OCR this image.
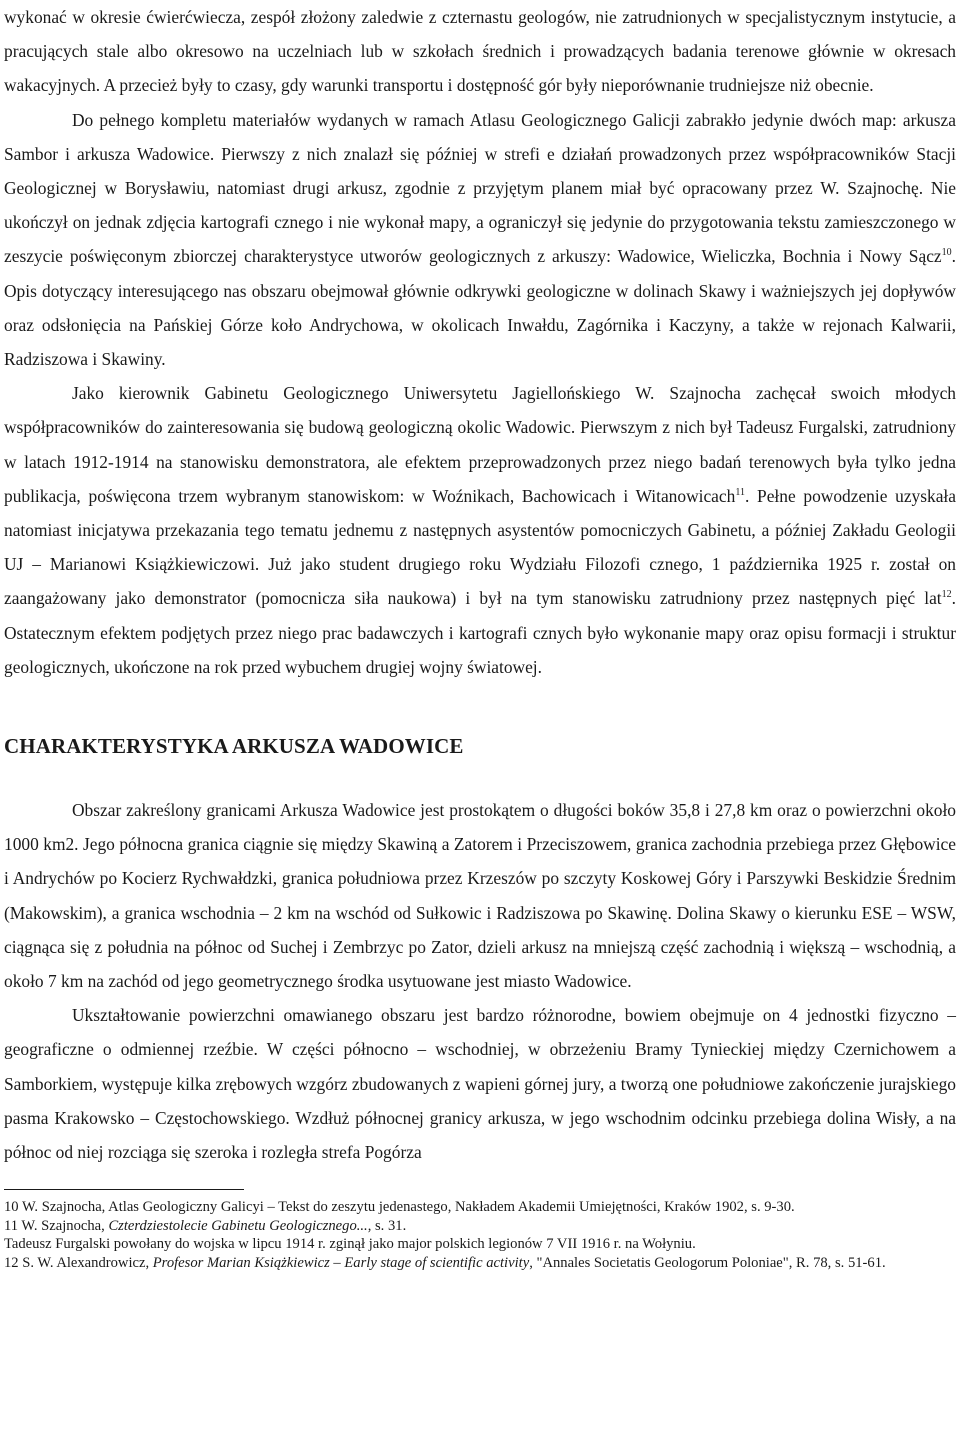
wykonać w okresie ćwierćwiecza, zespół złożony zaledwie z czternastu geologów, nie zatrudnionych w specjalistycznym instytucie, a pracujących stale albo okresowo na uczelniach lub w szkołach średnich i prowadzących badania terenowe głównie w okresach wakacyjnych. A przecież były to czasy, gdy warunki transportu i dostępność gór były nieporównanie trudniejsze niż obecnie.

Do pełnego kompletu materiałów wydanych w ramach Atlasu Geologicznego Galicji zabrakło jedynie dwóch map: arkusza Sambor i arkusza Wadowice. Pierwszy z nich znalazł się później w strefi e działań prowadzonych przez współpracowników Stacji Geologicznej w Borysławiu, natomiast drugi arkusz, zgodnie z przyjętym planem miał być opracowany przez W. Szajnochę. Nie ukończył on jednak zdjęcia kartografi cznego i nie wykonał mapy, a ograniczył się jedynie do przygotowania tekstu zamieszczonego w zeszycie poświęconym zbiorczej charakterystyce utworów geologicznych z arkuszy: Wadowice, Wieliczka, Bochnia i Nowy Sącz$^{10}$. Opis dotyczący interesującego nas obszaru obejmował głównie odkrywki geologiczne w dolinach Skawy i ważniejszych jej dopływów oraz odsłonięcia na Pańskiej Górze koło Andrychowa, w okolicach Inwałdu, Zagórnika i Kaczyny, a także w rejonach Kalwarii, Radziszowa i Skawiny.

Jako kierownik Gabinetu Geologicznego Uniwersytetu Jagiellońskiego W. Szajnocha zachęcał swoich młodych współpracowników do zainteresowania się budową geologiczną okolic Wadowic. Pierwszym z nich był Tadeusz Furgalski, zatrudniony w latach 1912-1914 na stanowisku demonstratora, ale efektem przeprowadzonych przez niego badań terenowych była tylko jedna publikacja, poświęcona trzem wybranym stanowiskom: w Woźnikach, Bachowicach i Witanowicach$^{11}$. Pełne powodzenie uzyskała natomiast inicjatywa przekazania tego tematu jednemu z następnych asystentów pomocniczych Gabinetu, a później Zakładu Geologii UJ – Marianowi Książkiewiczowi. Już jako student drugiego roku Wydziału Filozofi cznego, 1 października 1925 r. został on zaangażowany jako demonstrator (pomocnicza siła naukowa) i był na tym stanowisku zatrudniony przez następnych pięć lat$^{12}$. Ostatecznym efektem podjętych przez niego prac badawczych i kartografi cznych było wykonanie mapy oraz opisu formacji i struktur geologicznych, ukończone na rok przed wybuchem drugiej wojny światowej.

CHARAKTERYSTYKA ARKUSZA WADOWICE

Obszar zakreślony granicami Arkusza Wadowice jest prostokątem o długości boków 35,8 i 27,8 km oraz o powierzchni około 1000 km2. Jego północna granica ciągnie się między Skawiną a Zatorem i Przeciszowem, granica zachodnia przebiega przez Głębowice i Andrychów po Kocierz Rychwałdzki, granica południowa przez Krzeszów po szczyty Koskowej Góry i Parszywki Beskidzie Średnim (Makowskim), a granica wschodnia – 2 km na wschód od Sułkowic i Radziszowa po Skawinę. Dolina Skawy o kierunku ESE – WSW, ciągnąca się z południa na północ od Suchej i Zembrzyc po Zator, dzieli arkusz na mniejszą część zachodnią i większą – wschodnią, a około 7 km na zachód od jego geometrycznego środka usytuowane jest miasto Wadowice.

Ukształtowanie powierzchni omawianego obszaru jest bardzo różnorodne, bowiem obejmuje on 4 jednostki fizyczno – geograficzne o odmiennej rzeźbie. W części północno – wschodniej, w obrzeżeniu Bramy Tynieckiej między Czernichowem a Samborkiem, występuje kilka zrębowych wzgórz zbudowanych z wapieni górnej jury, a tworzą one południowe zakończenie jurajskiego pasma Krakowsko – Częstochowskiego. Wzdłuż północnej granicy arkusza, w jego wschodnim odcinku przebiega dolina Wisły, a na północ od niej rozciąga się szeroka i rozległa strefa Pogórza

10 W. Szajnocha, Atlas Geologiczny Galicyi – Tekst do zeszytu jedenastego, Nakładem Akademii Umiejętności, Kraków 1902, s. 9-30.

11 W. Szajnocha, Czterdziestolecie Gabinetu Geologicznego..., s. 31.

Tadeusz Furgalski powołany do wojska w lipcu 1914 r. zginął jako major polskich legionów 7 VII 1916 r. na Wołyniu.

12 S. W. Alexandrowicz, Profesor Marian Książkiewicz – Early stage of scientific activity, "Annales Societatis Geologorum Poloniae", R. 78, s. 51-61.
